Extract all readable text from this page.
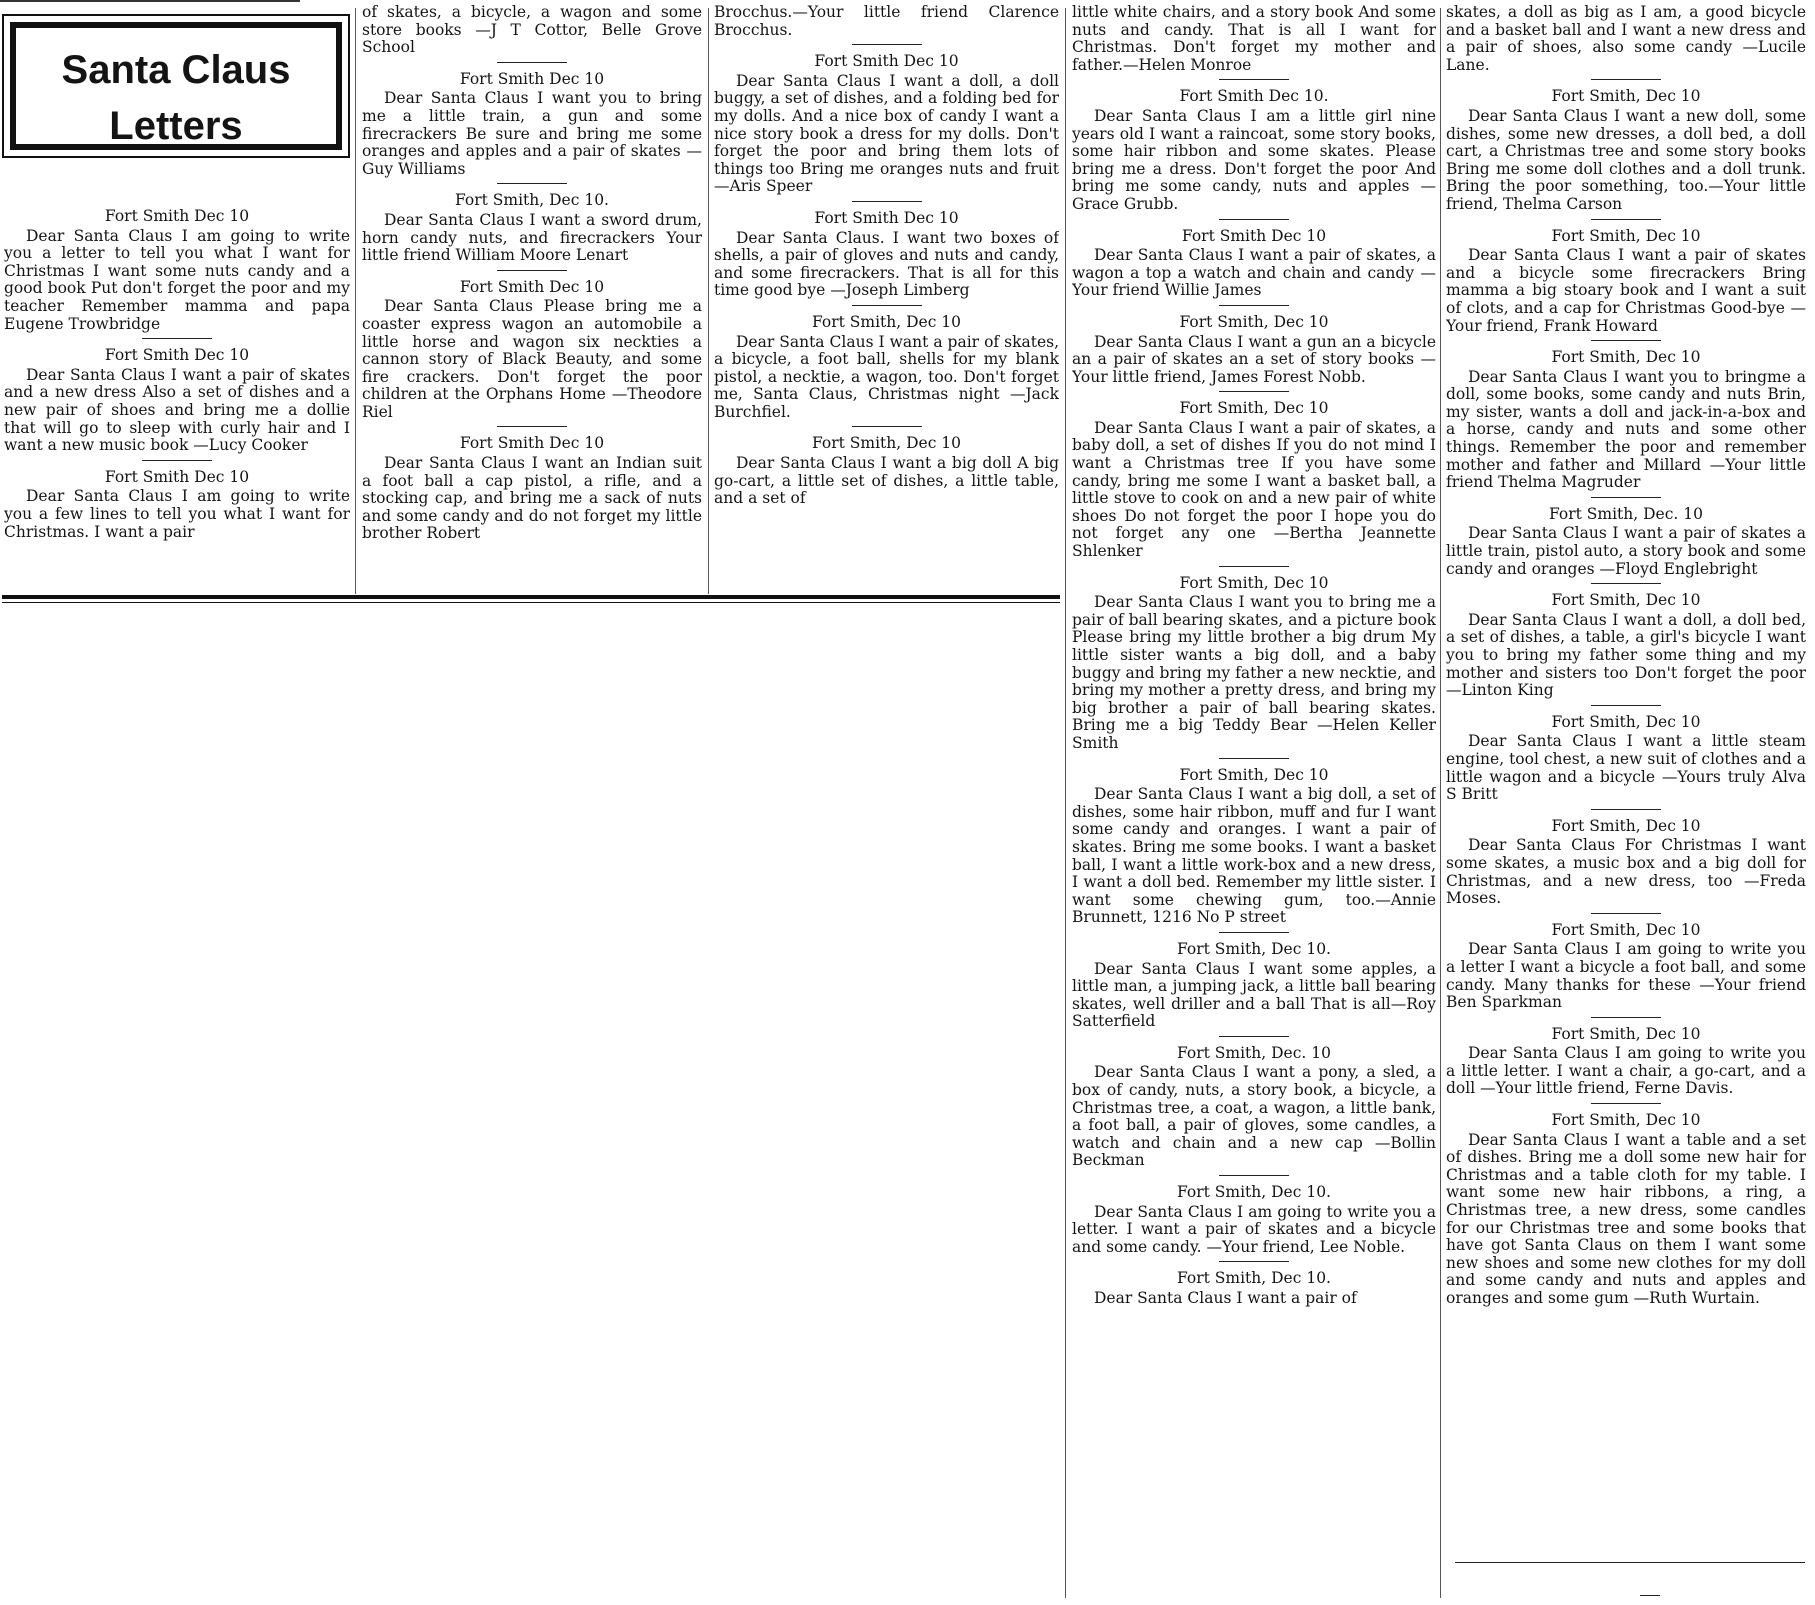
Santa Claus
Letters
Fort Smith Dec 10

Dear Santa Claus I am going to write you a letter to tell you what I want for Christmas I want some nuts candy and a good book Put don't forget the poor and my teacher Remember mamma and papa Eugene Trowbridge

Fort Smith Dec 10

Dear Santa Claus I want a pair of skates and a new dress Also a set of dishes and a new pair of shoes and bring me a dollie that will go to sleep with curly hair and I want a new music book —Lucy Cooker

Fort Smith Dec 10

Dear Santa Claus I am going to write you a few lines to tell you what I want for Christmas. I want a pair

of skates, a bicycle, a wagon and some store books —J T Cottor, Belle Grove School

Fort Smith Dec 10

Dear Santa Claus I want you to bring me a little train, a gun and some firecrackers Be sure and bring me some oranges and apples and a pair of skates —Guy Williams

Fort Smith, Dec 10.

Dear Santa Claus I want a sword drum, horn candy nuts, and firecrackers Your little friend William Moore Lenart

Fort Smith Dec 10

Dear Santa Claus Please bring me a coaster express wagon an automobile a little horse and wagon six neckties a cannon story of Black Beauty, and some fire crackers. Don't forget the poor children at the Orphans Home —Theodore Riel

Fort Smith Dec 10

Dear Santa Claus I want an Indian suit a foot ball a cap pistol, a rifle, and a stocking cap, and bring me a sack of nuts and some candy and do not forget my little brother Robert

Brocchus.—Your little friend Clarence Brocchus.

Fort Smith Dec 10

Dear Santa Claus I want a doll, a doll buggy, a set of dishes, and a folding bed for my dolls. And a nice box of candy I want a nice story book a dress for my dolls. Don't forget the poor and bring them lots of things too Bring me oranges nuts and fruit —Aris Speer

Fort Smith Dec 10

Dear Santa Claus. I want two boxes of shells, a pair of gloves and nuts and candy, and some firecrackers. That is all for this time good bye —Joseph Limberg

Fort Smith, Dec 10

Dear Santa Claus I want a pair of skates, a bicycle, a foot ball, shells for my blank pistol, a necktie, a wagon, too. Don't forget me, Santa Claus, Christmas night —Jack Burchfiel.

Fort Smith, Dec 10

Dear Santa Claus I want a big doll A big go-cart, a little set of dishes, a little table, and a set of

little white chairs, and a story book And some nuts and candy. That is all I want for Christmas. Don't forget my mother and father.—Helen Monroe

Fort Smith Dec 10.

Dear Santa Claus I am a little girl nine years old I want a raincoat, some story books, some hair ribbon and some skates. Please bring me a dress. Don't forget the poor And bring me some candy, nuts and apples —Grace Grubb.

Fort Smith Dec 10

Dear Santa Claus I want a pair of skates, a wagon a top a watch and chain and candy —Your friend Willie James

Fort Smith, Dec 10

Dear Santa Claus I want a gun an a bicycle an a pair of skates an a set of story books —Your little friend, James Forest Nobb.

Fort Smith, Dec 10

Dear Santa Claus I want a pair of skates, a baby doll, a set of dishes If you do not mind I want a Christmas tree If you have some candy, bring me some I want a basket ball, a little stove to cook on and a new pair of white shoes Do not forget the poor I hope you do not forget any one —Bertha Jeannette Shlenker

Fort Smith, Dec 10

Dear Santa Claus I want you to bring me a pair of ball bearing skates, and a picture book Please bring my little brother a big drum My little sister wants a big doll, and a baby buggy and bring my father a new necktie, and bring my mother a pretty dress, and bring my big brother a pair of ball bearing skates. Bring me a big Teddy Bear —Helen Keller Smith

Fort Smith, Dec 10

Dear Santa Claus I want a big doll, a set of dishes, some hair ribbon, muff and fur I want some candy and oranges. I want a pair of skates. Bring me some books. I want a basket ball, I want a little work-box and a new dress, I want a doll bed. Remember my little sister. I want some chewing gum, too.—Annie Brunnett, 1216 No P street

Fort Smith, Dec 10.

Dear Santa Claus I want some apples, a little man, a jumping jack, a little ball bearing skates, well driller and a ball That is all—Roy Satterfield

Fort Smith, Dec. 10

Dear Santa Claus I want a pony, a sled, a box of candy, nuts, a story book, a bicycle, a Christmas tree, a coat, a wagon, a little bank, a foot ball, a pair of gloves, some candles, a watch and chain and a new cap —Bollin Beckman

Fort Smith, Dec 10.

Dear Santa Claus I am going to write you a letter. I want a pair of skates and a bicycle and some candy. —Your friend, Lee Noble.

Fort Smith, Dec 10.

Dear Santa Claus I want a pair of

skates, a doll as big as I am, a good bicycle and a basket ball and I want a new dress and a pair of shoes, also some candy —Lucile Lane.

Fort Smith, Dec 10

Dear Santa Claus I want a new doll, some dishes, some new dresses, a doll bed, a doll cart, a Christmas tree and some story books Bring me some doll clothes and a doll trunk. Bring the poor something, too.—Your little friend, Thelma Carson

Fort Smith, Dec 10

Dear Santa Claus I want a pair of skates and a bicycle some firecrackers Bring mamma a big stoary book and I want a suit of clots, and a cap for Christmas Good-bye —Your friend, Frank Howard

Fort Smith, Dec 10

Dear Santa Claus I want you to bringme a doll, some books, some candy and nuts Brin, my sister, wants a doll and jack-in-a-box and a horse, candy and nuts and some other things. Remember the poor and remember mother and father and Millard —Your little friend Thelma Magruder

Fort Smith, Dec. 10

Dear Santa Claus I want a pair of skates a little train, pistol auto, a story book and some candy and oranges —Floyd Englebright

Fort Smith, Dec 10

Dear Santa Claus I want a doll, a doll bed, a set of dishes, a table, a girl's bicycle I want you to bring my father some thing and my mother and sisters too Don't forget the poor —Linton King

Fort Smith, Dec 10

Dear Santa Claus I want a little steam engine, tool chest, a new suit of clothes and a little wagon and a bicycle —Yours truly Alva S Britt

Fort Smith, Dec 10

Dear Santa Claus For Christmas I want some skates, a music box and a big doll for Christmas, and a new dress, too —Freda Moses.

Fort Smith, Dec 10

Dear Santa Claus I am going to write you a letter I want a bicycle a foot ball, and some candy. Many thanks for these —Your friend Ben Sparkman

Fort Smith, Dec 10

Dear Santa Claus I am going to write you a little letter. I want a chair, a go-cart, and a doll —Your little friend, Ferne Davis.

Fort Smith, Dec 10

Dear Santa Claus I want a table and a set of dishes. Bring me a doll some new hair for Christmas and a table cloth for my table. I want some new hair ribbons, a ring, a Christmas tree, a new dress, some candles for our Christmas tree and some books that have got Santa Claus on them I want some new shoes and some new clothes for my doll and some candy and nuts and apples and oranges and some gum —Ruth Wurtain.
